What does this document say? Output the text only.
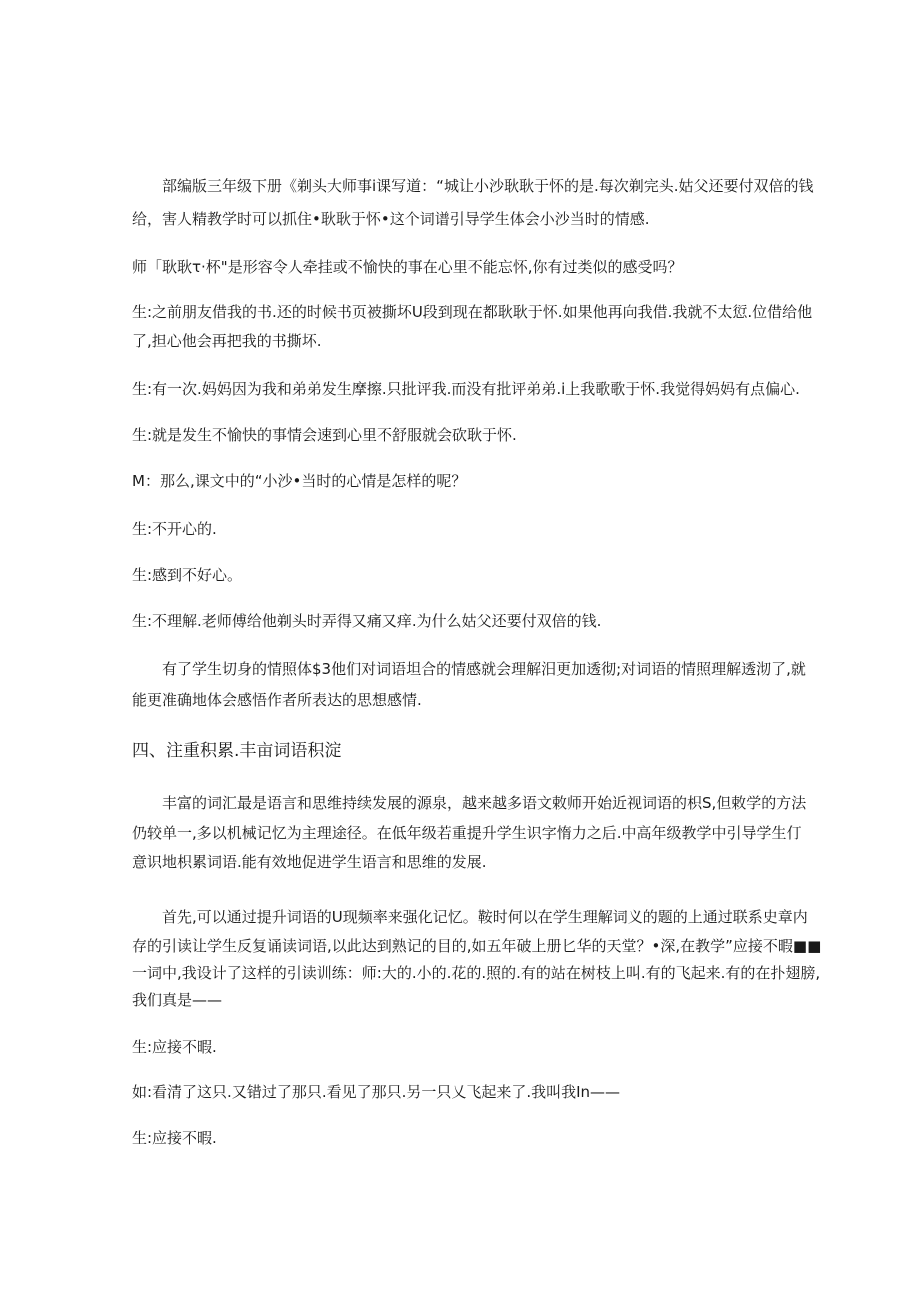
部编版三年级下册《剃头大师事i课写道：“城让小沙耿耿于怀的是.每次剃完头.姑父还要付双倍的钱
给，害人精教学时可以抓住•耿耿于怀•这个词谱引导学生体会小沙当时的情感.
师「耿耿τ·杯"是形容令人牵挂或不愉快的事在心里不能忘怀,你有过类似的感受吗？
生:之前朋友借我的书.还的时候书页被撕坏U段到现在都耿耿于怀.如果他再向我借.我就不太愆.位借给他
了,担心他会再把我的书撕坏.
生:有一次.妈妈因为我和弟弟发生摩擦.只批评我.而没有批评弟弟.i上我歌歌于怀.我觉得妈妈有点偏心.
生:就是发生不愉快的事情会速到心里不舒服就会砍耿于怀.
M：那么,课文中的“小沙•当时的心情是怎样的呢？
生:不开心的.
生:感到不好心。
生:不理解.老师傅给他剃头时弄得又痛又痒.为什么姑父还要付双倍的钱.
有了学生切身的情照体$3他们对词语坦合的情感就会理解汨更加透彻;对词语的情照理解透沏了,就
能更准确地体会感悟作者所表达的思想感情.
四、注重积累.丰亩词语积淀
丰富的词汇最是语言和思维持续发展的源泉，越来越多语文敕师开始近视词语的枳S,但敕学的方法
仍较单一,多以机械记忆为主理途径。在低年级若重提升学生识字惰力之后.中高年级教学中引导学生仃
意识地枳累词语.能有效地促进学生语言和思维的发展.
首先,可以通过提升词语的U现频率来强化记忆。鞍时何以在学生理解词义的题的上通过联系史章内
存的引读让学生反复诵读词语,以此达到熟记的目的,如五年破上册匕华的天堂？•深,在教学”应接不暇■■
一词中,我设计了这样的引读训练：师:大的.小的.花的.照的.有的站在树枝上叫.有的飞起来.有的在扑翅膀,
我们真是——
生:应接不暇.
如:看清了这只.又错过了那只.看见了那只.另一只乂飞起来了.我叫我In——
生:应接不暇.
